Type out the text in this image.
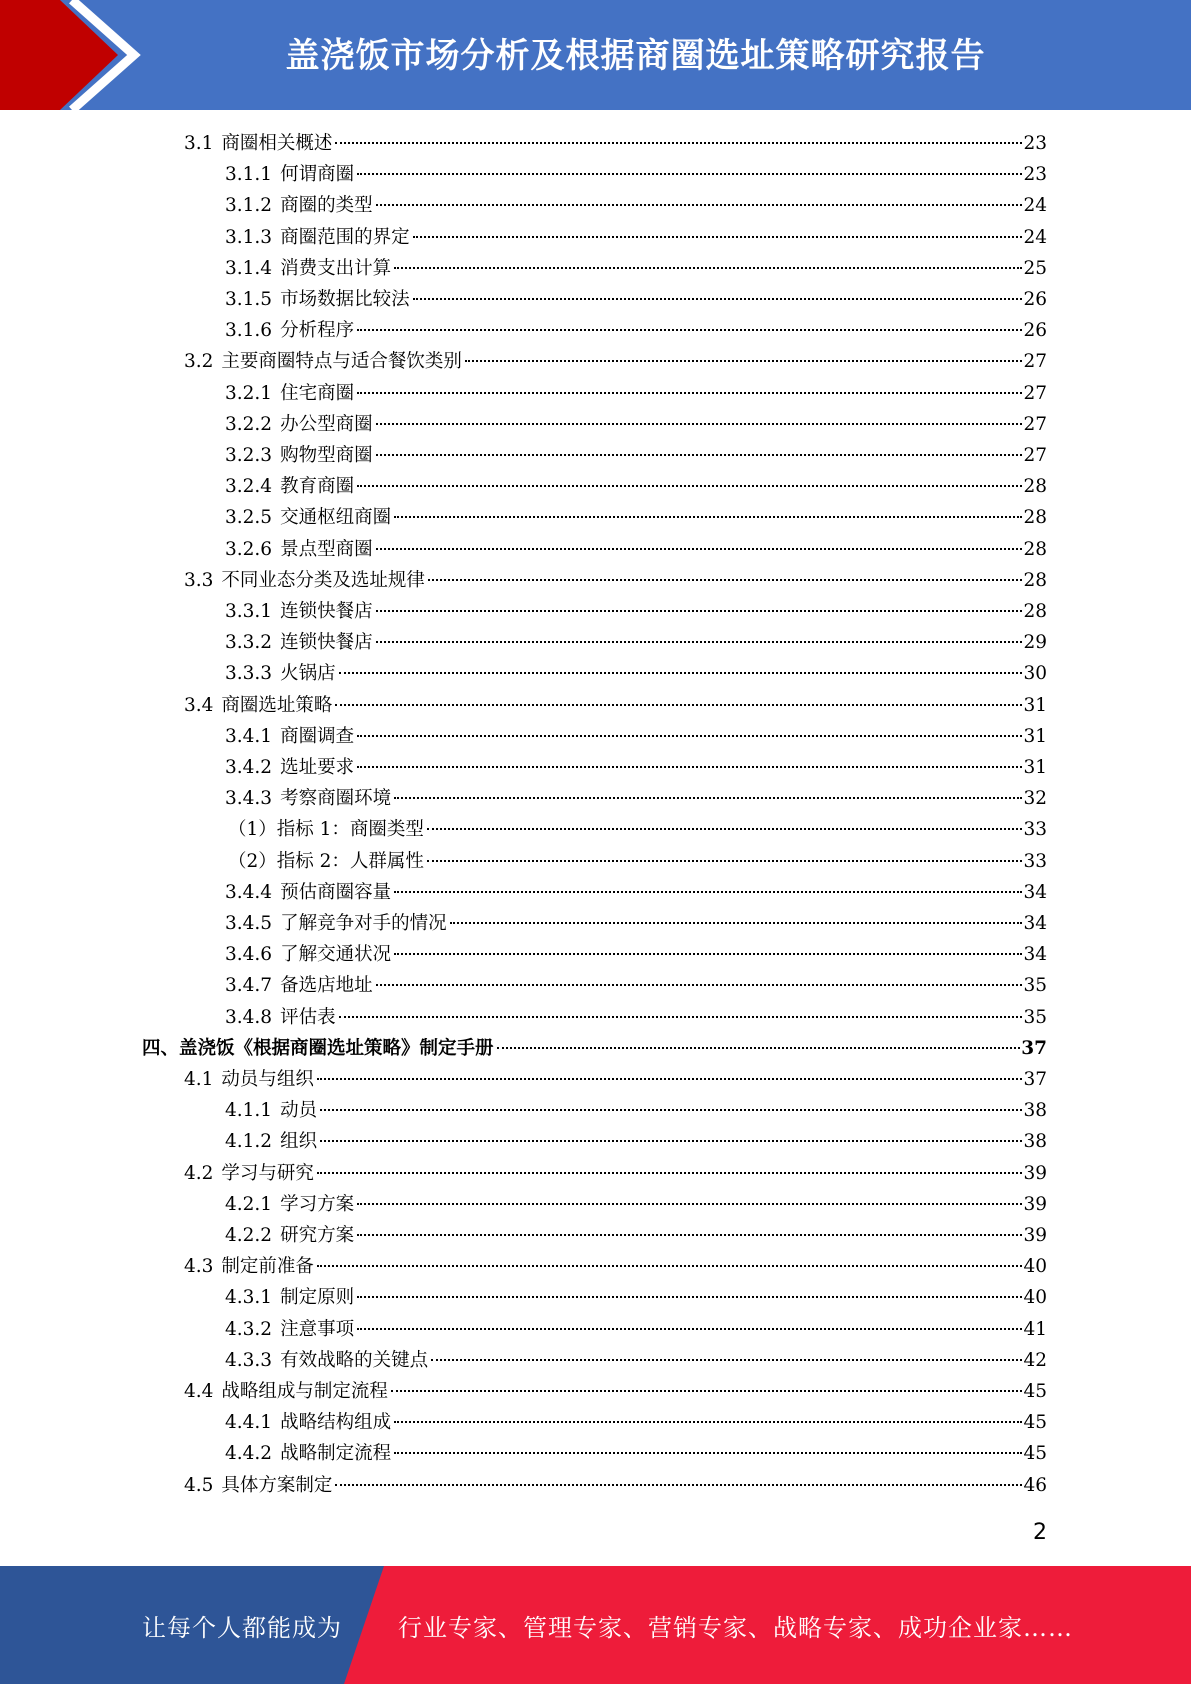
盖浇饭市场分析及根据商圈选址策略研究报告
3.1 商圈相关概述	23
3.1.1 何谓商圈	23
3.1.2 商圈的类型	24
3.1.3 商圈范围的界定	24
3.1.4 消费支出计算	25
3.1.5 市场数据比较法	26
3.1.6 分析程序	26
3.2 主要商圈特点与适合餐饮类别	27
3.2.1 住宅商圈	27
3.2.2 办公型商圈	27
3.2.3 购物型商圈	27
3.2.4 教育商圈	28
3.2.5 交通枢纽商圈	28
3.2.6 景点型商圈	28
3.3 不同业态分类及选址规律	28
3.3.1 连锁快餐店	28
3.3.2 连锁快餐店	29
3.3.3 火锅店	30
3.4 商圈选址策略	31
3.4.1 商圈调查	31
3.4.2 选址要求	31
3.4.3 考察商圈环境	32
（1）指标 1：商圈类型	33
（2）指标 2：人群属性	33
3.4.4 预估商圈容量	34
3.4.5 了解竞争对手的情况	34
3.4.6 了解交通状况	34
3.4.7 备选店地址	35
3.4.8 评估表	35
四、盖浇饭《根据商圈选址策略》制定手册	37
4.1 动员与组织	37
4.1.1 动员	38
4.1.2 组织	38
4.2 学习与研究	39
4.2.1 学习方案	39
4.2.2 研究方案	39
4.3 制定前准备	40
4.3.1 制定原则	40
4.3.2 注意事项	41
4.3.3 有效战略的关键点	42
4.4 战略组成与制定流程	45
4.4.1 战略结构组成	45
4.4.2 战略制定流程	45
4.5 具体方案制定	46
2
让每个人都能成为 行业专家、管理专家、营销专家、战略专家、成功企业家……
